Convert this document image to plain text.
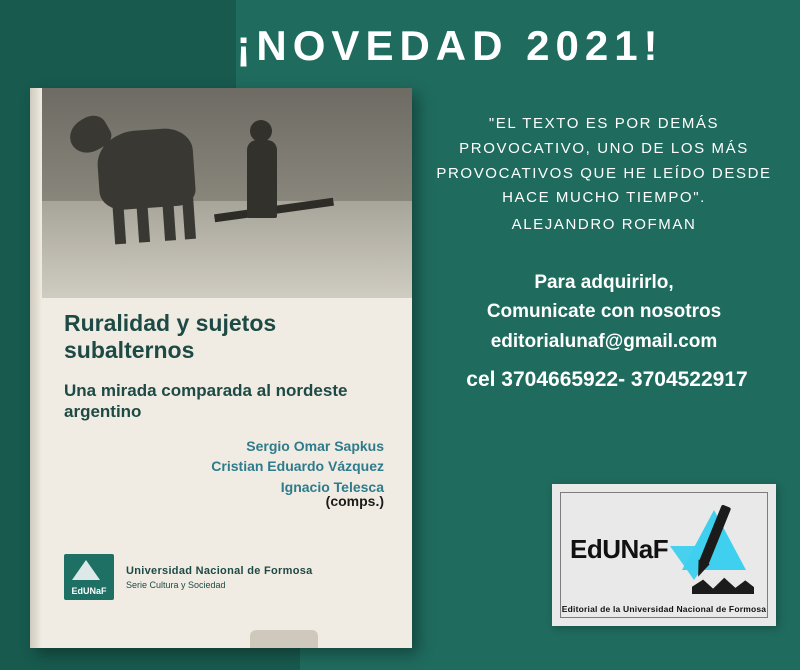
¡NOVEDAD 2021!
Ruralidad y sujetos subalternos
Una mirada comparada al nordeste argentino
Sergio Omar Sapkus
Cristian Eduardo Vázquez
Ignacio Telesca
(comps.)
EdUNaF
Universidad Nacional de Formosa
Serie Cultura y Sociedad
"EL TEXTO ES POR DEMÁS PROVOCATIVO, UNO DE LOS MÁS PROVOCATIVOS QUE HE LEÍDO DESDE HACE MUCHO TIEMPO".
ALEJANDRO ROFMAN
Para adquirirlo,
Comunicate con nosotros
editorialunaf@gmail.com
cel 3704665922- 3704522917
EdUNaF
Editorial de la Universidad Nacional de Formosa
